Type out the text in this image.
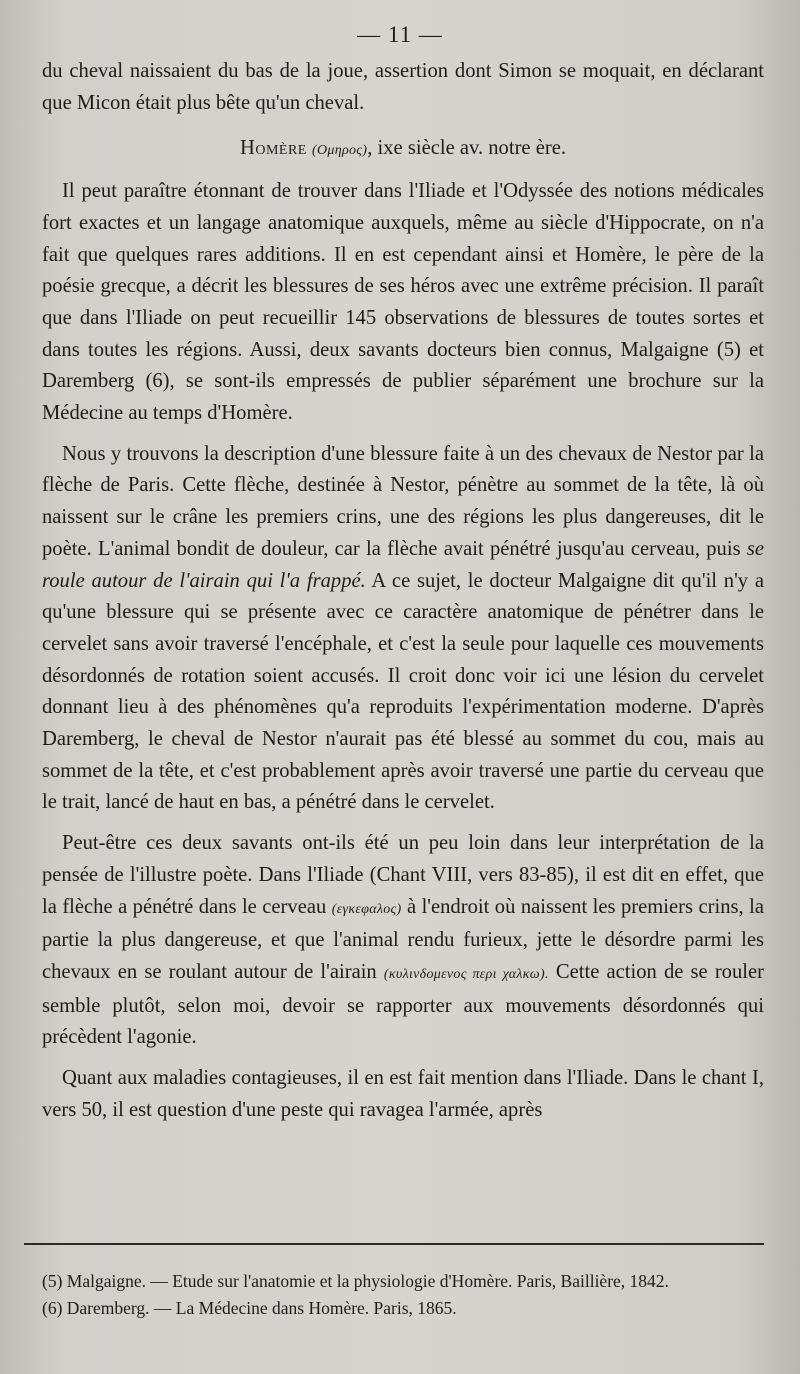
— 11 —

du cheval naissaient du bas de la joue, assertion dont Simon se moquait, en déclarant que Micon était plus bête qu'un cheval.

Homère (Ομηρος), ixe siècle av. notre ère.

Il peut paraître étonnant de trouver dans l'Iliade et l'Odyssée des notions médicales fort exactes et un langage anatomique auxquels, même au siècle d'Hippocrate, on n'a fait que quelques rares additions. Il en est cependant ainsi et Homère, le père de la poésie grecque, a décrit les blessures de ses héros avec une extrême précision. Il paraît que dans l'Iliade on peut recueillir 145 observations de blessures de toutes sortes et dans toutes les régions. Aussi, deux savants docteurs bien connus, Malgaigne (5) et Daremberg (6), se sont-ils empressés de publier séparément une brochure sur la Médecine au temps d'Homère.

Nous y trouvons la description d'une blessure faite à un des chevaux de Nestor par la flèche de Paris. Cette flèche, destinée à Nestor, pénètre au sommet de la tête, là où naissent sur le crâne les premiers crins, une des régions les plus dangereuses, dit le poète. L'animal bondit de douleur, car la flèche avait pénétré jusqu'au cerveau, puis se roule autour de l'airain qui l'a frappé. A ce sujet, le docteur Malgaigne dit qu'il n'y a qu'une blessure qui se présente avec ce caractère anatomique de pénétrer dans le cervelet sans avoir traversé l'encéphale, et c'est la seule pour laquelle ces mouvements désordonnés de rotation soient accusés. Il croit donc voir ici une lésion du cervelet donnant lieu à des phénomènes qu'a reproduits l'expérimentation moderne. D'après Daremberg, le cheval de Nestor n'aurait pas été blessé au sommet du cou, mais au sommet de la tête, et c'est probablement après avoir traversé une partie du cerveau que le trait, lancé de haut en bas, a pénétré dans le cervelet.

Peut-être ces deux savants ont-ils été un peu loin dans leur interprétation de la pensée de l'illustre poète. Dans l'Iliade (Chant VIII, vers 83-85), il est dit en effet, que la flèche a pénétré dans le cerveau (εγκεφαλος) à l'endroit où naissent les premiers crins, la partie la plus dangereuse, et que l'animal rendu furieux, jette le désordre parmi les chevaux en se roulant autour de l'airain (κυλινδομενος περι χαλκω). Cette action de se rouler semble plutôt, selon moi, devoir se rapporter aux mouvements désordonnés qui précèdent l'agonie.

Quant aux maladies contagieuses, il en est fait mention dans l'Iliade. Dans le chant I, vers 50, il est question d'une peste qui ravagea l'armée, après

(5) Malgaigne. — Etude sur l'anatomie et la physiologie d'Homère. Paris, Baillière, 1842.

(6) Daremberg. — La Médecine dans Homère. Paris, 1865.
